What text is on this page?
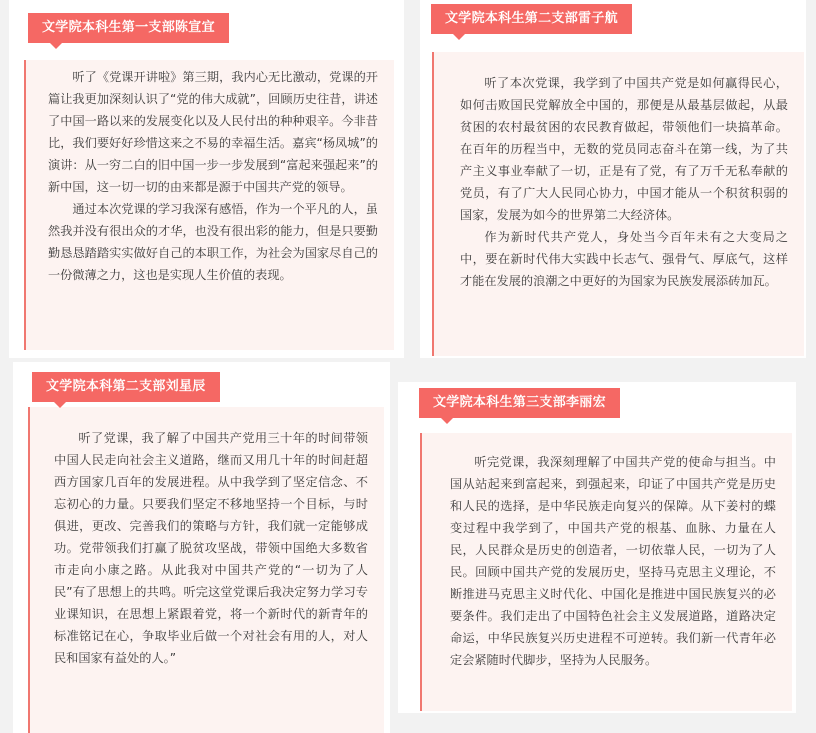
听了《党课开讲啦》第三期，我内心无比激动，党课的开篇让我更加深刻认识了“党的伟大成就”，回顾历史往昔，讲述了中国一路以来的发展变化以及人民付出的种种艰辛。今非昔比，我们要好好珍惜这来之不易的幸福生活。嘉宾“杨凤城”的演讲：从一穷二白的旧中国一步一步发展到“富起来强起来”的新中国，这一切一切的由来都是源于中国共产党的领导。

通过本次党课的学习我深有感悟，作为一个平凡的人，虽然我并没有很出众的才华，也没有很出彩的能力，但是只要勤勤恳恳踏踏实实做好自己的本职工作，为社会为国家尽自己的一份微薄之力，这也是实现人生价值的表现。

文学院本科生第一支部陈宣宜

听了本次党课，我学到了中国共产党是如何赢得民心，如何击败国民党解放全中国的，那便是从最基层做起，从最贫困的农村最贫困的农民教育做起，带领他们一块搞革命。在百年的历程当中，无数的党员同志奋斗在第一线，为了共产主义事业奉献了一切，正是有了党，有了万千无私奉献的党员，有了广大人民同心协力，中国才能从一个积贫积弱的国家，发展为如今的世界第二大经济体。

作为新时代共产党人，身处当今百年未有之大变局之中，要在新时代伟大实践中长志气、强骨气、厚底气，这样才能在发展的浪潮之中更好的为国家为民族发展添砖加瓦。

文学院本科生第二支部雷子航

听了党课，我了解了中国共产党用三十年的时间带领中国人民走向社会主义道路，继而又用几十年的时间赶超西方国家几百年的发展进程。从中我学到了坚定信念、不忘初心的力量。只要我们坚定不移地坚持一个目标，与时俱进，更改、完善我们的策略与方针，我们就一定能够成功。党带领我们打赢了脱贫攻坚战，带领中国绝大多数省市走向小康之路。从此我对中国共产党的“一切为了人民”有了思想上的共鸣。听完这堂党课后我决定努力学习专业课知识，在思想上紧跟着党，将一个新时代的新青年的标准铭记在心，争取毕业后做一个对社会有用的人，对人民和国家有益处的人。”

文学院本科第二支部刘星辰

听完党课，我深刻理解了中国共产党的使命与担当。中国从站起来到富起来，到强起来，印证了中国共产党是历史和人民的选择，是中华民族走向复兴的保障。从下姜村的蝶变过程中我学到了，中国共产党的根基、血脉、力量在人民，人民群众是历史的创造者，一切依靠人民，一切为了人民。回顾中国共产党的发展历史，坚持马克思主义理论，不断推进马克思主义时代化、中国化是推进中国民族复兴的必要条件。我们走出了中国特色社会主义发展道路，道路决定命运，中华民族复兴历史进程不可逆转。我们新一代青年必定会紧随时代脚步，坚持为人民服务。

文学院本科生第三支部李丽宏
